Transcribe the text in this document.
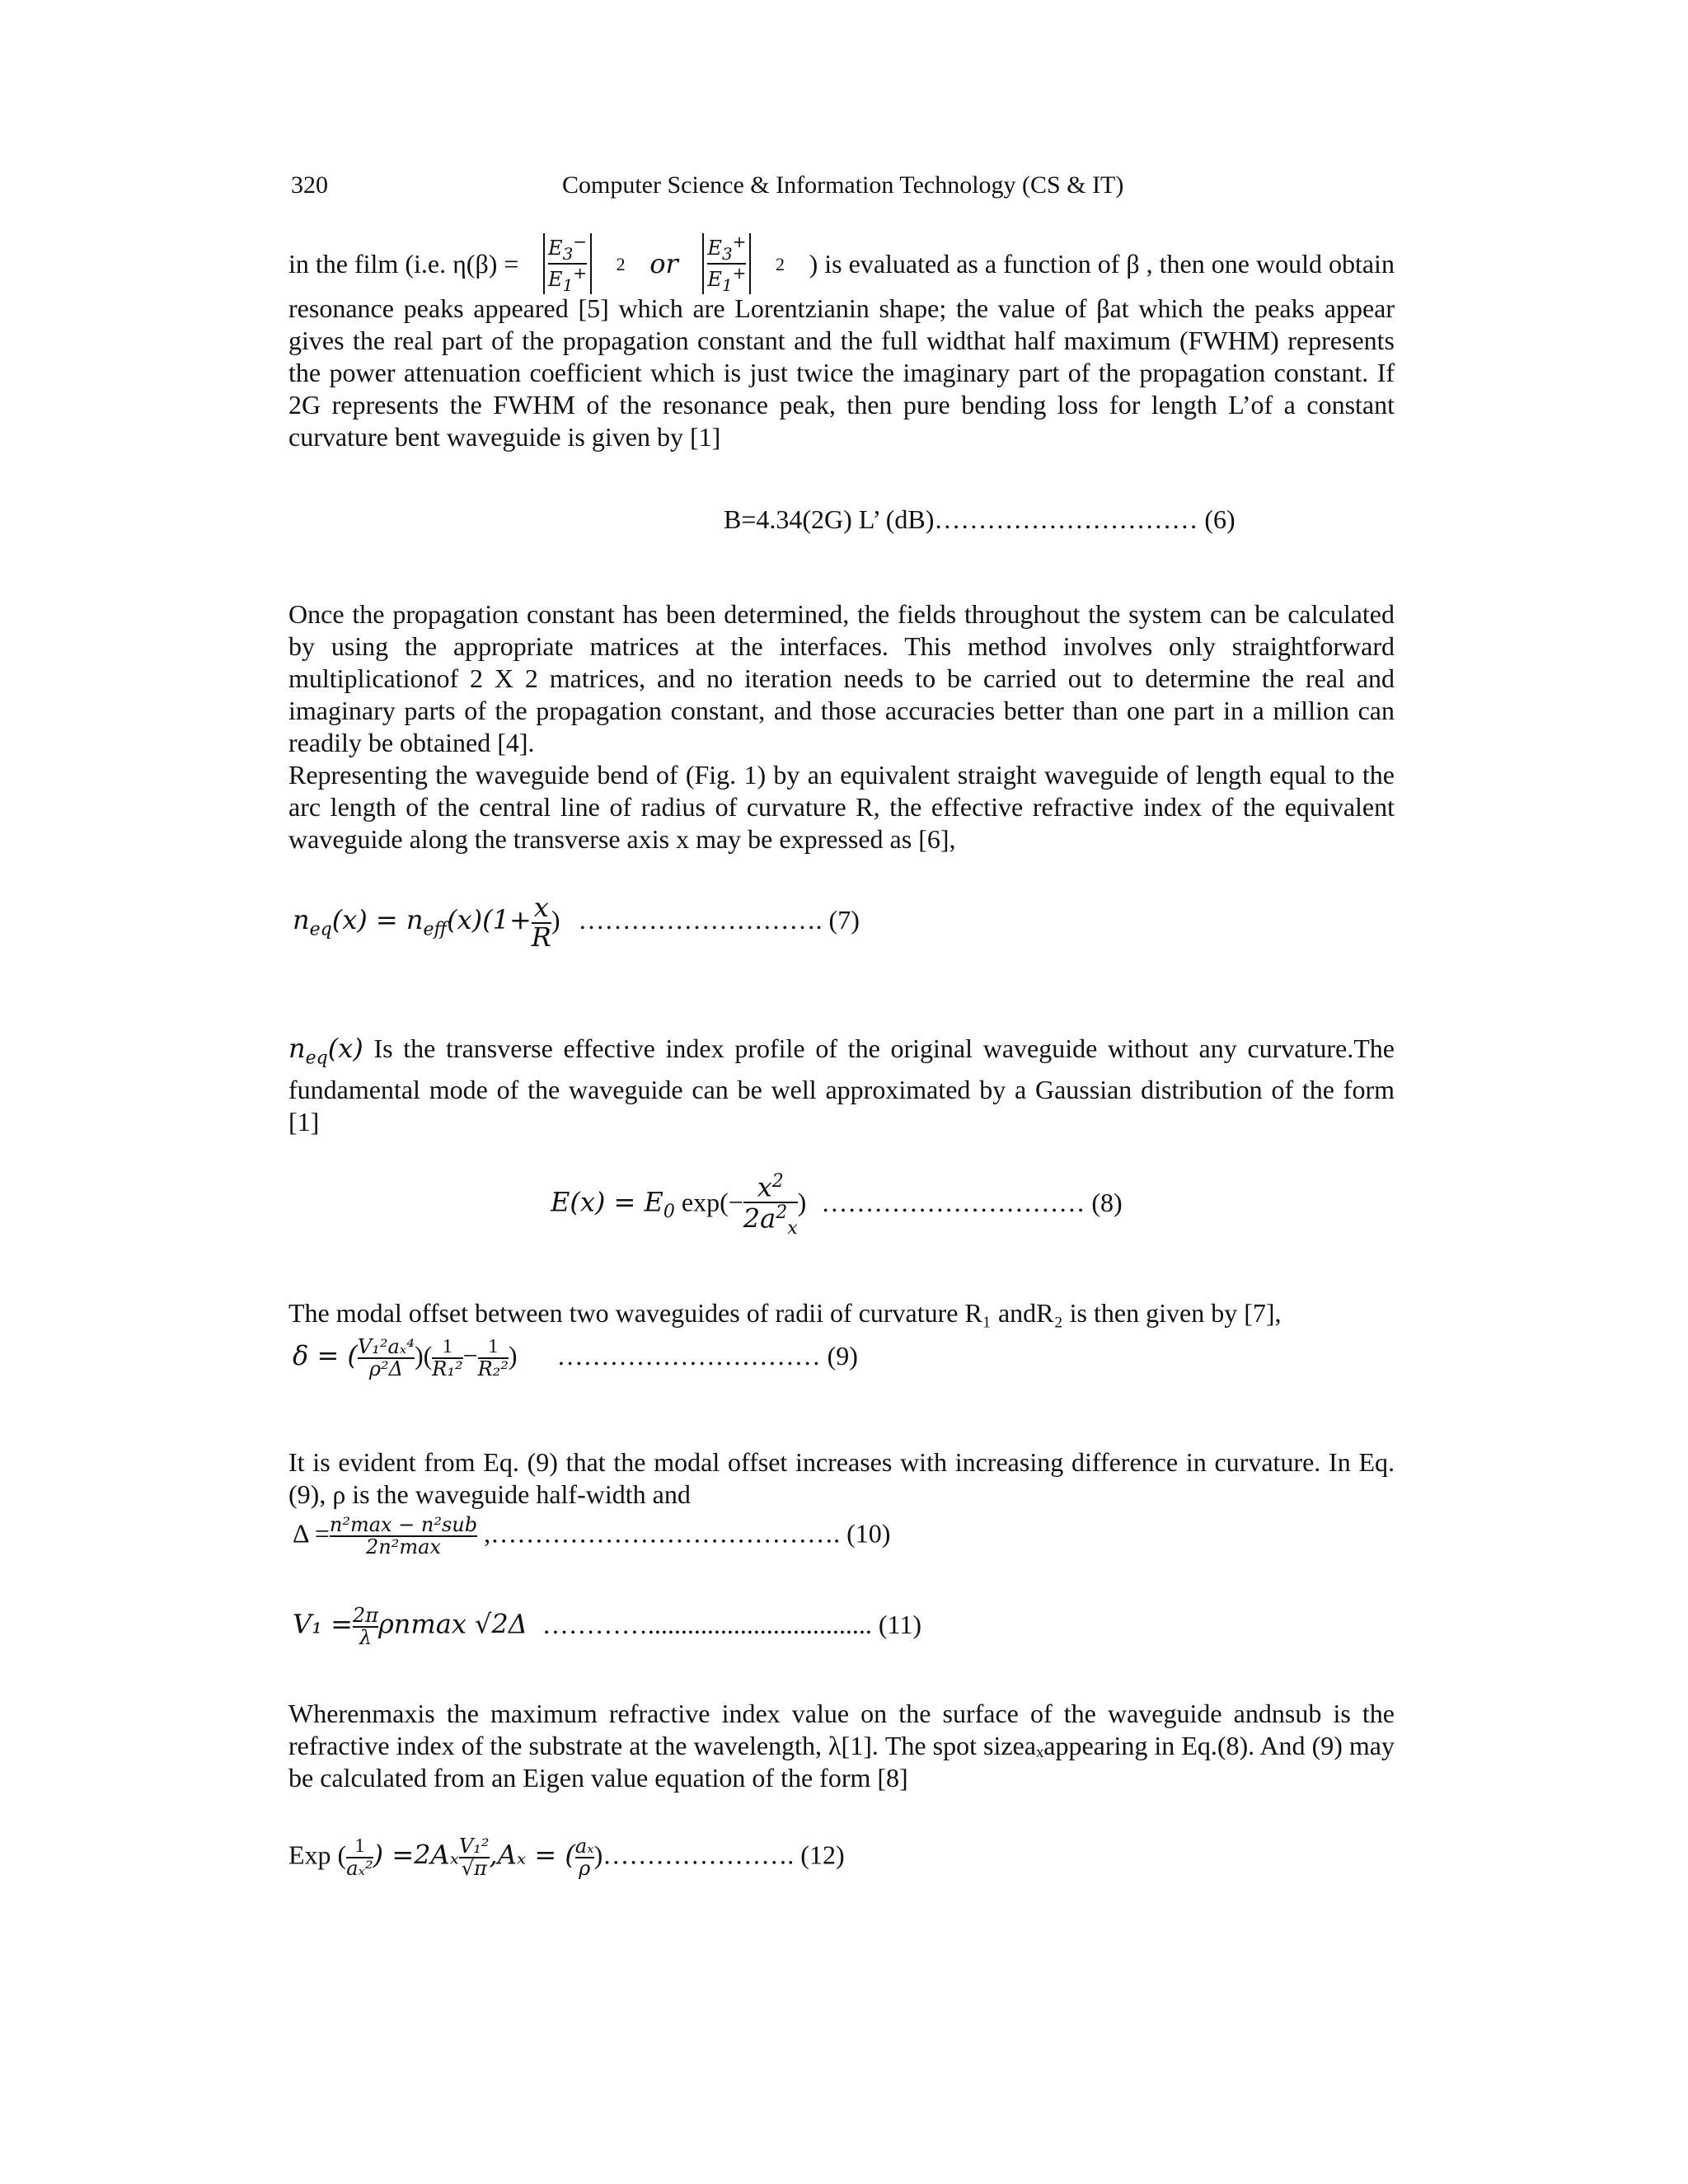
320	Computer Science & Information Technology (CS & IT)
in the film (i.e. $\eta(\beta) = \frac{E_3^-}{E_1^+} 2$ or $\frac{E_3^+}{E_1^+} 2$ ) is evaluated as a function of β , then one would obtain

resonance peaks appeared [5] which are Lorentzianin shape; the value of βat which the peaks appear gives the real part of the propagation constant and the full widthat half maximum (FWHM) represents the power attenuation coefficient which is just twice the imaginary part of the propagation constant. If 2G represents the FWHM of the resonance peak, then pure bending loss for length L’of a constant curvature bent waveguide is given by [1]

B=4.34(2G) L’ (dB)………………………… (6)

Once the propagation constant has been determined, the fields throughout the system can be calculated by using the appropriate matrices at the interfaces. This method involves only straightforward multiplicationof 2 X 2 matrices, and no iteration needs to be carried out to determine the real and imaginary parts of the propagation constant, and those accuracies better than one part in a million can readily be obtained [4].

Representing the waveguide bend of (Fig. 1) by an equivalent straight waveguide of length equal to the arc length of the central line of radius of curvature R, the effective refractive index of the equivalent waveguide along the transverse axis x may be expressed as [6],

$n_{eq}(x) = n_{eff}(x)(1+ \frac{x}{R}$ ) ………………………. (7)

$n_{eq}(x)$ Is the transverse effective index profile of the original waveguide without any curvature.The fundamental mode of the waveguide can be well approximated by a Gaussian distribution of the form [1]

$E(x) = E_0$ $\exp(- \frac{x^2}{2a^2_x}$ ) ………………………… (8)

The modal offset between two waveguides of radii of curvature R₁ andR₂ is then given by [7],

δ = ( $\frac{\text{V₁²aₓ⁴}}{\text{ρ²Δ}}$ )( $\frac{1}{\text{R₁²}} - \frac{1}{\text{R₂²}}$ ) ………………………… (9)

It is evident from Eq. (9) that the modal offset increases with increasing difference in curvature. In Eq. (9), ρ is the waveguide half-width and

$\Delta = \frac{\text{n²max − n²sub}}{\text{2n²max}}$ ,…………………………………. (10)
$V_1 = \frac{2\pi}{\lambda}$ ρnmax √2Δ ………….................................. (11)

Wherenmaxis the maximum refractive index value on the surface of the waveguide andnsub is the refractive index of the substrate at the wavelength, λ[1]. The spot sizeaₓappearing in Eq.(8). And (9) may be calculated from an Eigen value equation of the form [8]

Exp ( $\frac{1}{\text{aₓ²}}$ ) $=2A_x \frac{\text{V₁²}}{√\pi} ,A_x$ = ( $\frac{\text{aₓ}}{\rho}$ )…………………. (12)
